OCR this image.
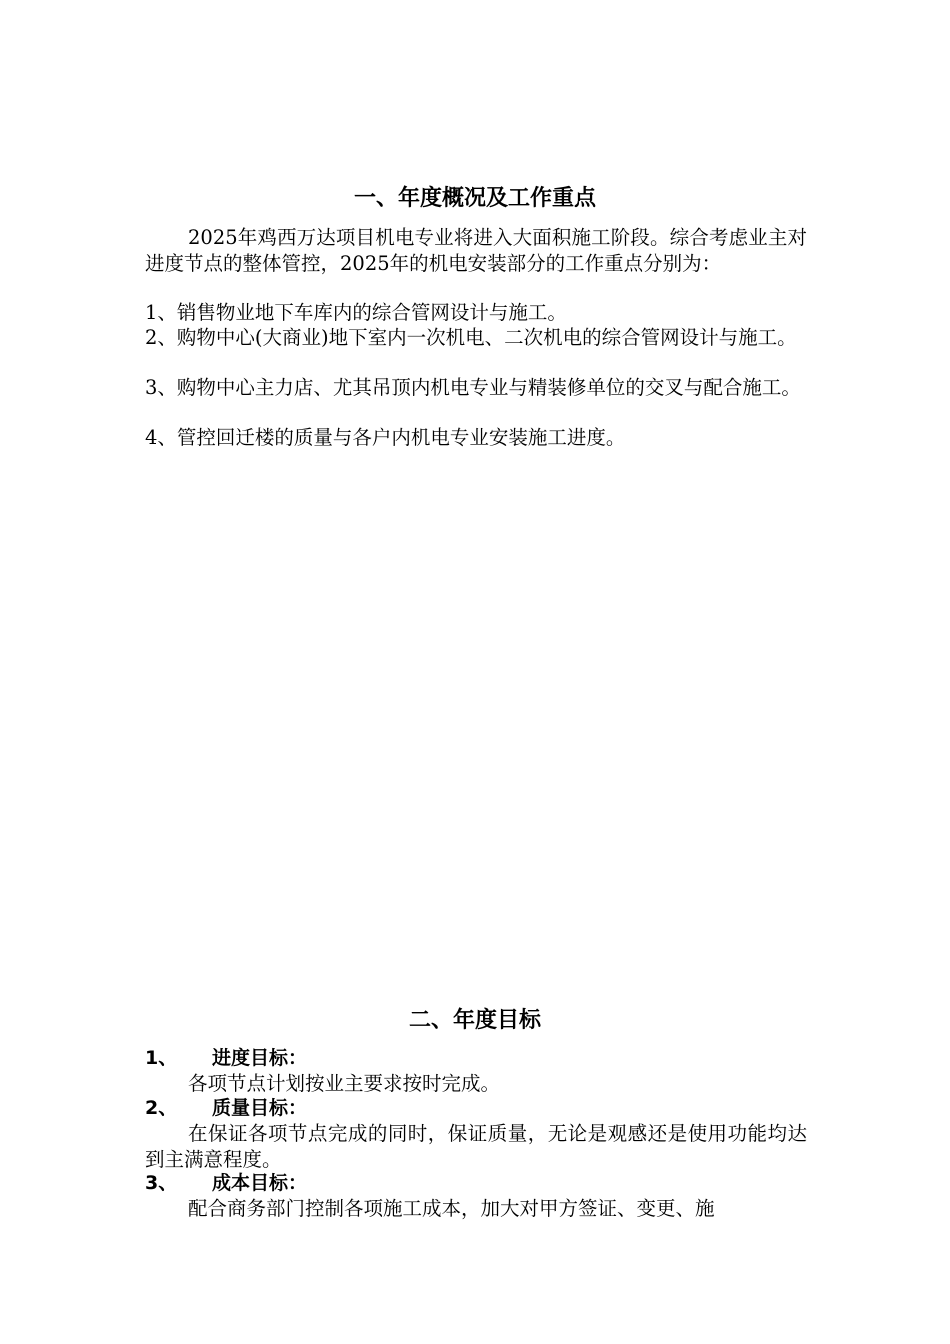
一、年度概况及工作重点
2025年鸡西万达项目机电专业将进入大面积施工阶段。综合考虑业主对进度节点的整体管控，2025年的机电安装部分的工作重点分别为：
1、销售物业地下车库内的综合管网设计与施工。
2、购物中心(大商业)地下室内一次机电、二次机电的综合管网设计与施工。
3、购物中心主力店、尤其吊顶内机电专业与精装修单位的交叉与配合施工。
4、管控回迁楼的质量与各户内机电专业安装施工进度。
二、年度目标
1、 进度目标：
各项节点计划按业主要求按时完成。
2、 质量目标：
在保证各项节点完成的同时，保证质量，无论是观感还是使用功能均达到主满意程度。
3、 成本目标：
配合商务部门控制各项施工成本，加大对甲方签证、变更、施
